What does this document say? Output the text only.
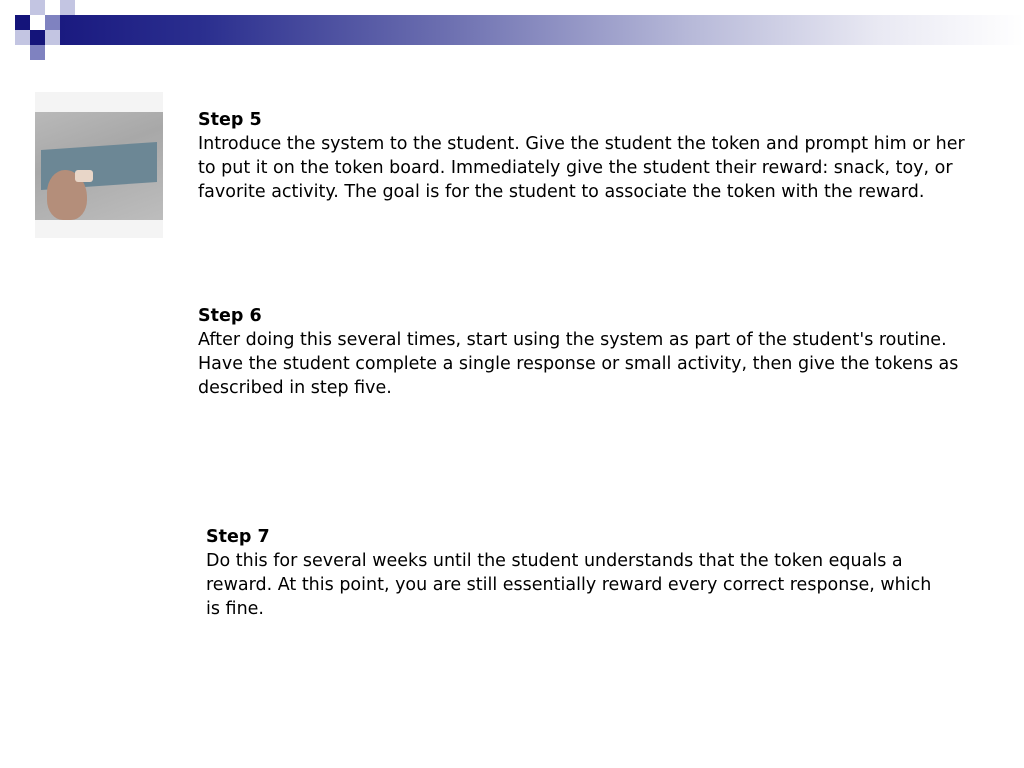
Step 5
Introduce the system to the student. Give the student the token and prompt him or her to put it on the token board. Immediately give the student their reward: snack, toy, or favorite activity. The goal is for the student to associate the token with the reward.
Step 6
After doing this several times, start using the system as part of the student's routine. Have the student complete a single response or small activity, then give the tokens as described in step five.
Step 7
Do this for several weeks until the student understands that the token equals a reward. At this point, you are still essentially reward every correct response, which is fine.
